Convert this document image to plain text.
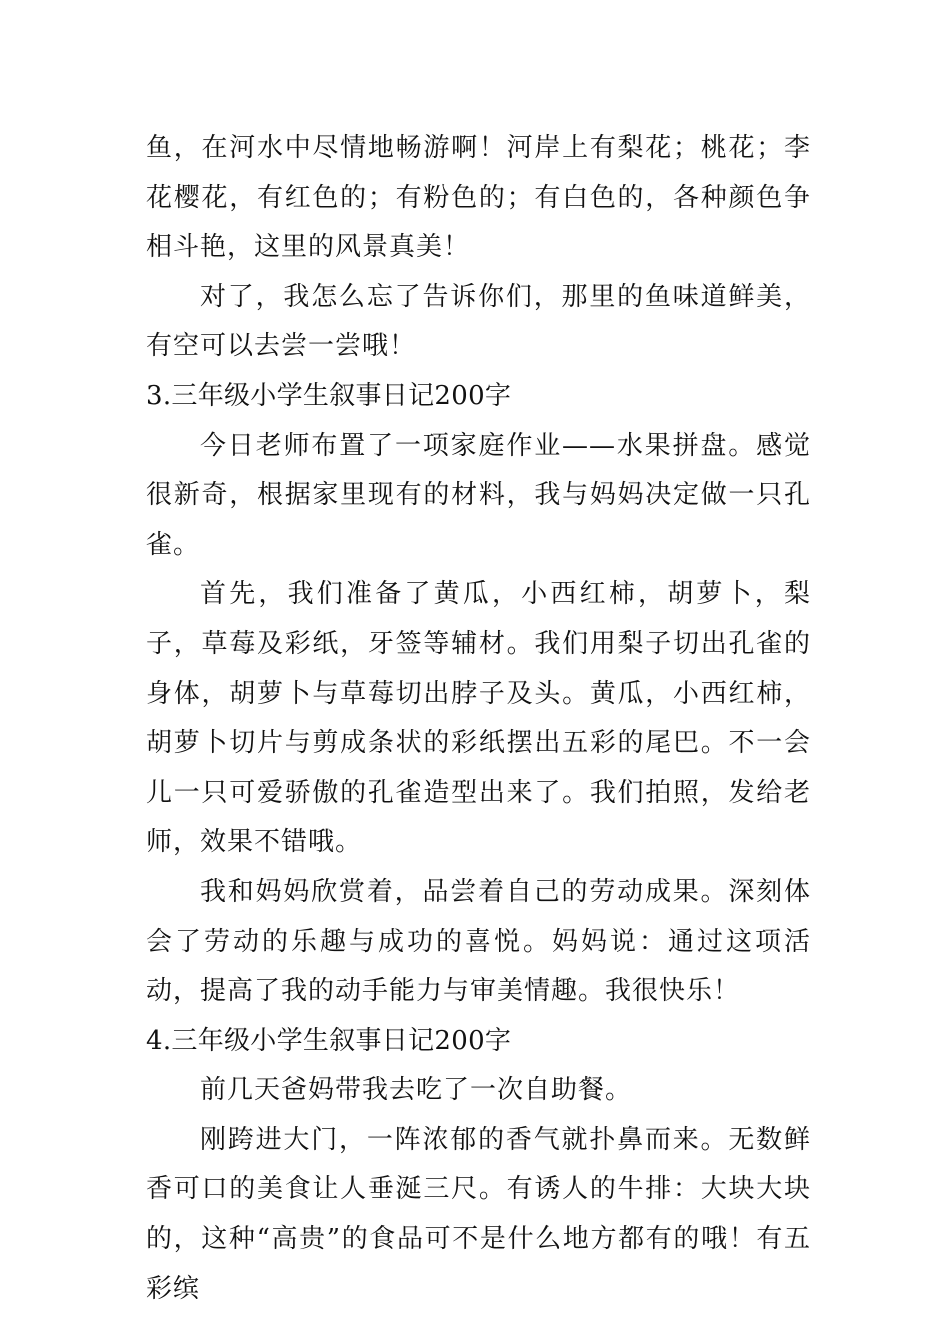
鱼，在河水中尽情地畅游啊！河岸上有梨花；桃花；李花樱花，有红色的；有粉色的；有白色的，各种颜色争相斗艳，这里的风景真美！

对了，我怎么忘了告诉你们，那里的鱼味道鲜美，有空可以去尝一尝哦！

3.三年级小学生叙事日记200字

今日老师布置了一项家庭作业——水果拼盘。感觉很新奇，根据家里现有的材料，我与妈妈决定做一只孔雀。

首先，我们准备了黄瓜，小西红柿，胡萝卜，梨子，草莓及彩纸，牙签等辅材。我们用梨子切出孔雀的身体，胡萝卜与草莓切出脖子及头。黄瓜，小西红柿，胡萝卜切片与剪成条状的彩纸摆出五彩的尾巴。不一会儿一只可爱骄傲的孔雀造型出来了。我们拍照，发给老师，效果不错哦。

我和妈妈欣赏着，品尝着自己的劳动成果。深刻体会了劳动的乐趣与成功的喜悦。妈妈说：通过这项活动，提高了我的动手能力与审美情趣。我很快乐！

4.三年级小学生叙事日记200字

前几天爸妈带我去吃了一次自助餐。

刚跨进大门，一阵浓郁的香气就扑鼻而来。无数鲜香可口的美食让人垂涎三尺。有诱人的牛排：大块大块的，这种“高贵”的食品可不是什么地方都有的哦！有五彩缤
